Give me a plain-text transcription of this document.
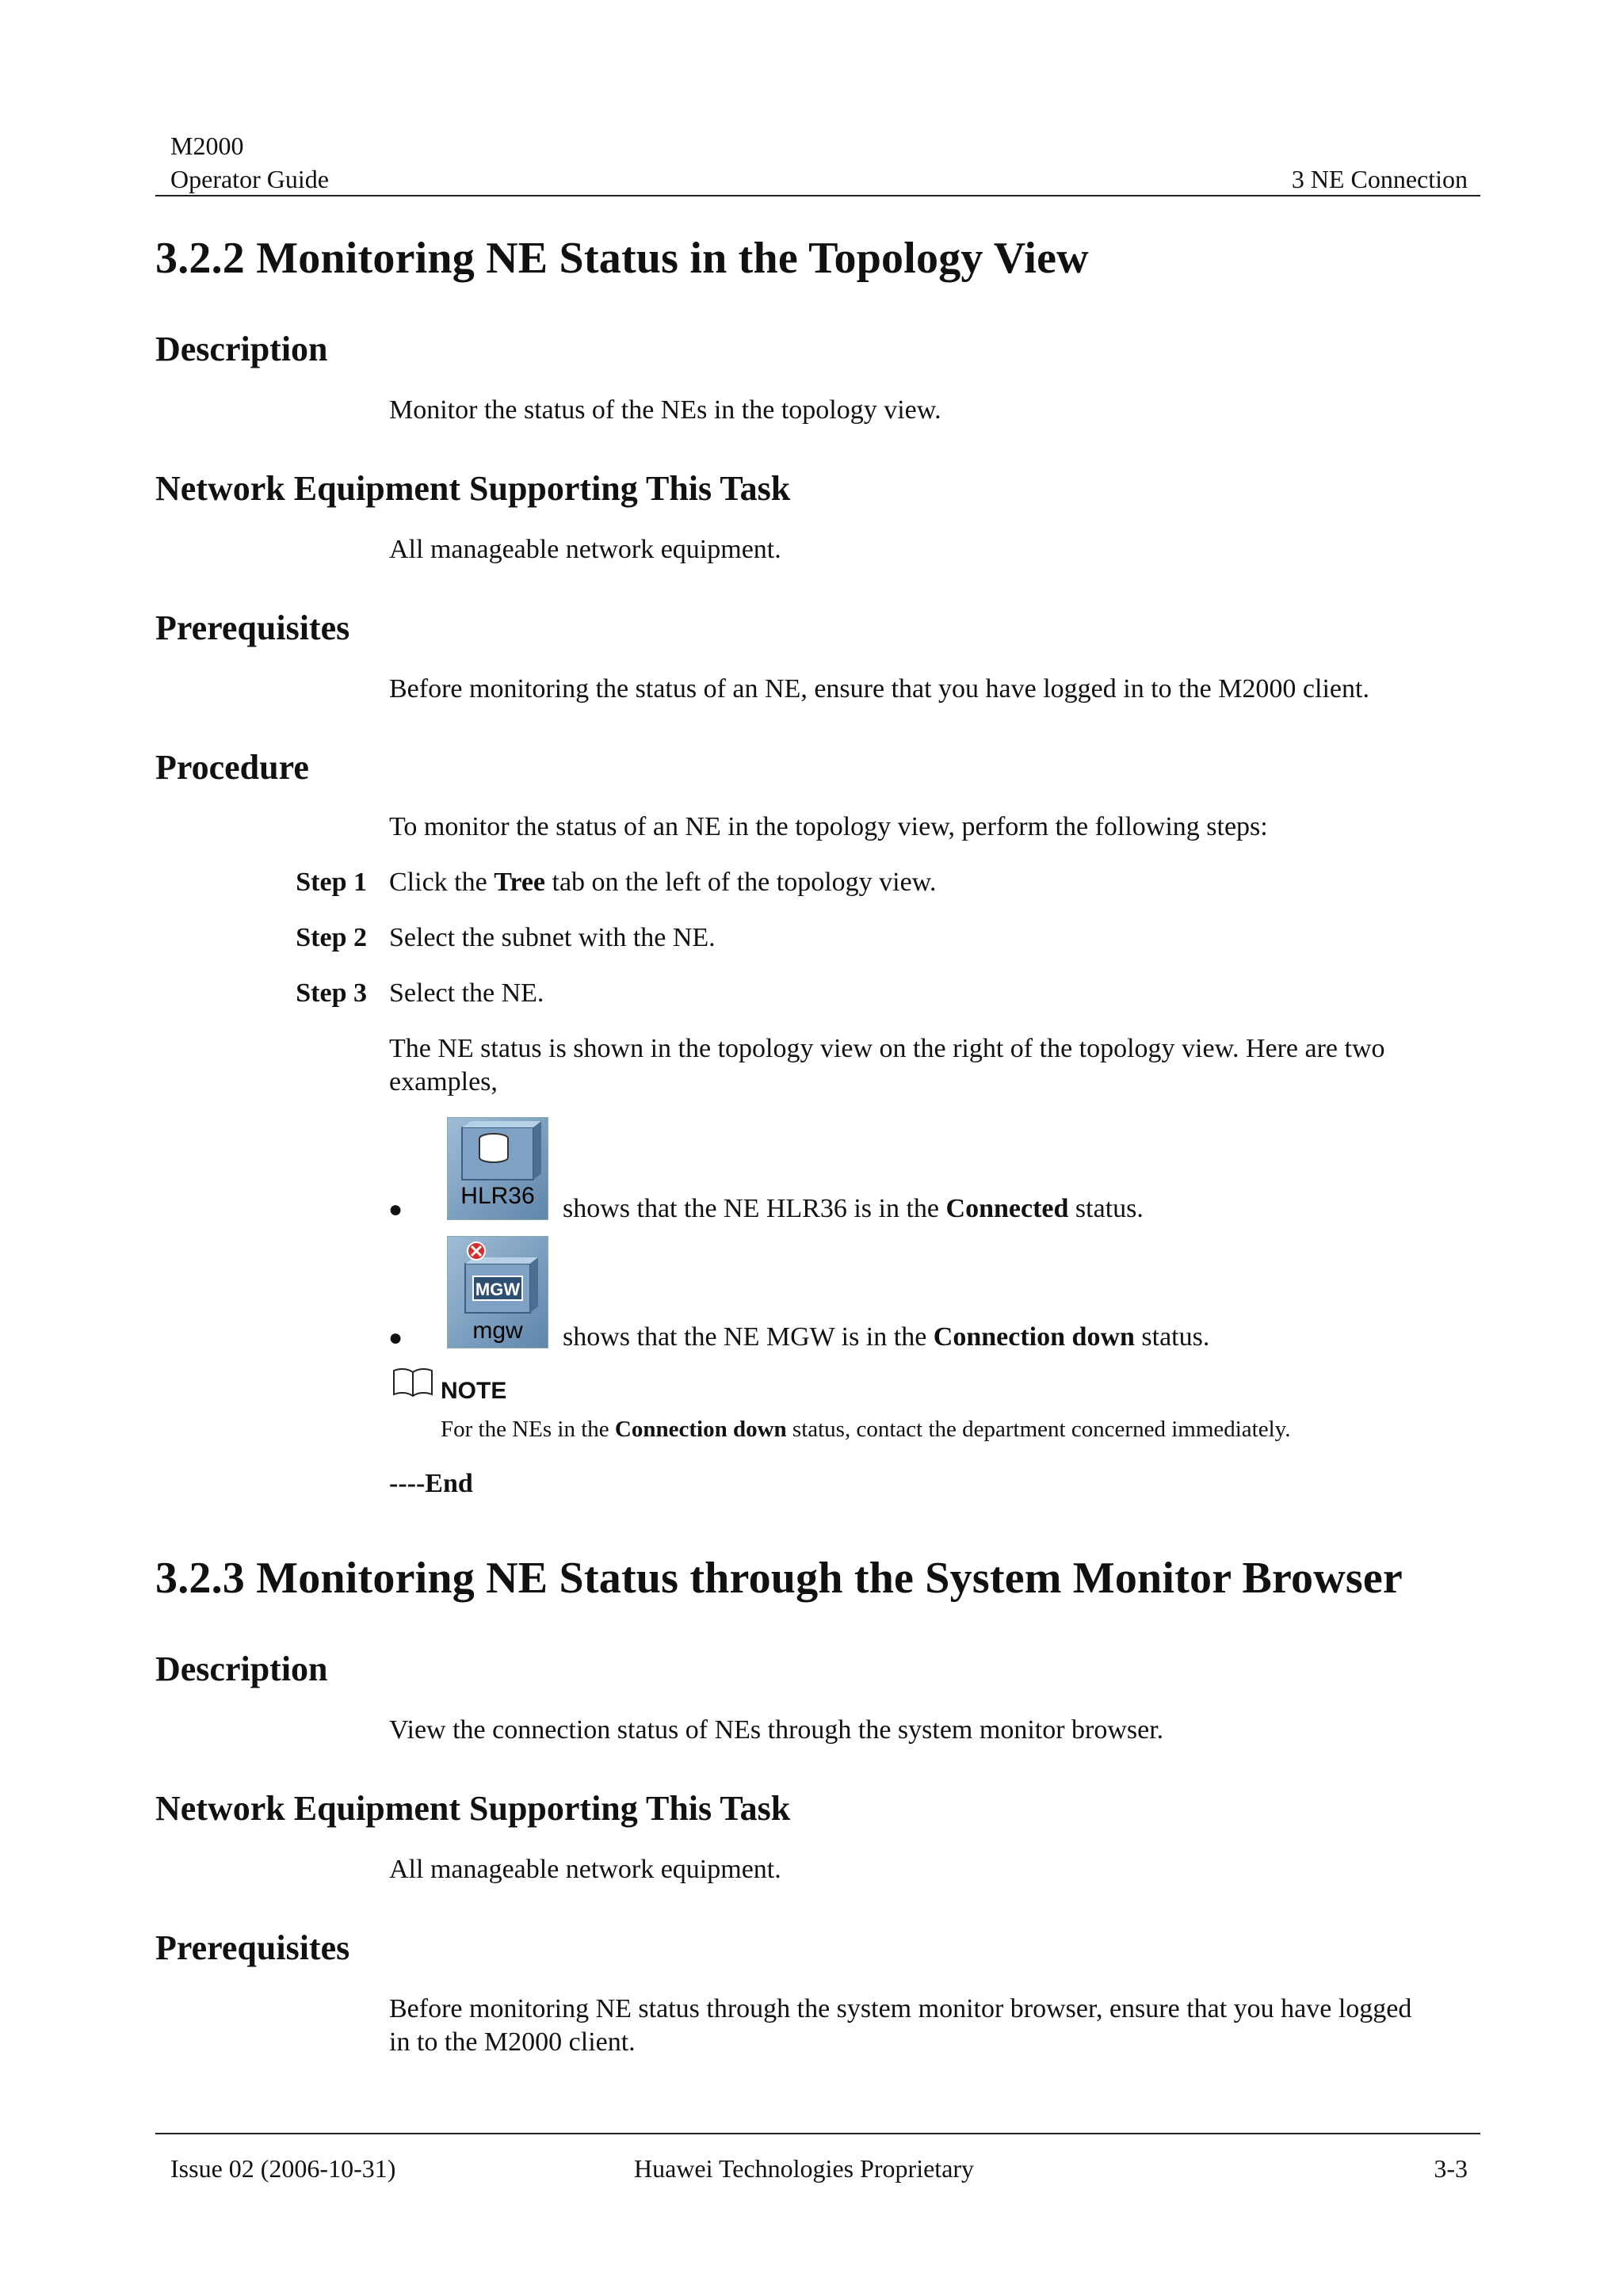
M2000
Operator Guide	3 NE Connection
3.2.2 Monitoring NE Status in the Topology View
Description
Monitor the status of the NEs in the topology view.
Network Equipment Supporting This Task
All manageable network equipment.
Prerequisites
Before monitoring the status of an NE, ensure that you have logged in to the M2000 client.
Procedure
To monitor the status of an NE in the topology view, perform the following steps:
Step 1 Click the Tree tab on the left of the topology view.
Step 2 Select the subnet with the NE.
Step 3 Select the NE.
The NE status is shown in the topology view on the right of the topology view. Here are two examples,
●
HLR36 shows that the NE HLR36 is in the Connected status.
●
MGW
mgw shows that the NE MGW is in the Connection down status.
NOTE
For the NEs in the Connection down status, contact the department concerned immediately.
----End
3.2.3 Monitoring NE Status through the System Monitor Browser
Description
View the connection status of NEs through the system monitor browser.
Network Equipment Supporting This Task
All manageable network equipment.
Prerequisites
Before monitoring NE status through the system monitor browser, ensure that you have logged in to the M2000 client.
Issue 02 (2006-10-31)	Huawei Technologies Proprietary	3-3
